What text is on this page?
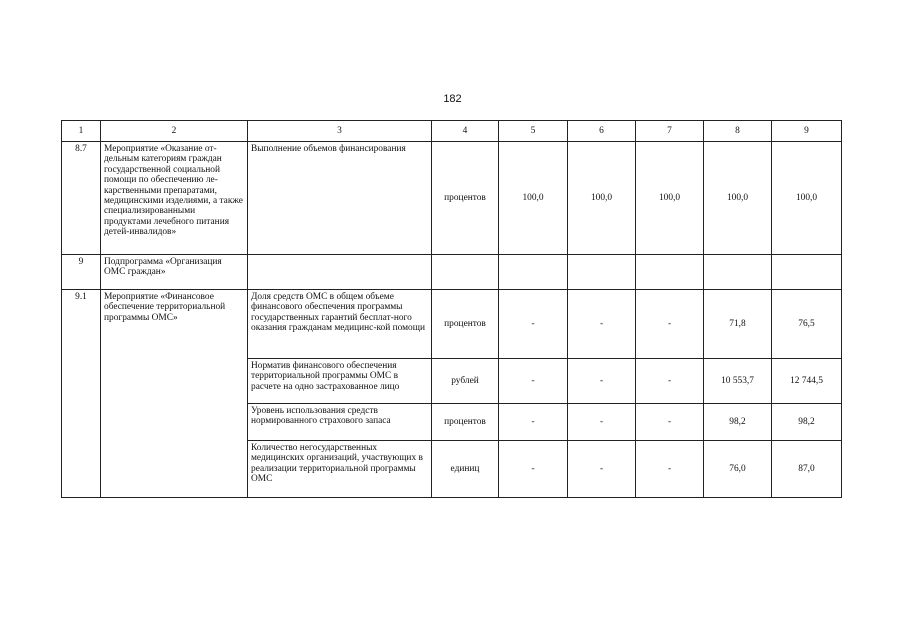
182
1	2	3	4	5	6	7	8	9
8.7	Мероприятие «Оказание от-дельным категориям граждан государственной социальной помощи по обеспечению ле-карственными препаратами, медицинскими изделиями, а также специализированными продуктами лечебного питания детей-инвалидов»	Выполнение объемов финансирования	процентов	100,0	100,0	100,0	100,0	100,0
9	Подпрограмма «Организация ОМС граждан»							
9.1	Мероприятие «Финансовое обеспечение территориальной программы ОМС»	Доля средств ОМС в общем объеме финансового обеспечения программы государственных гарантий бесплат-ного оказания гражданам медицинс-кой помощи	процентов	-	-	-	71,8	76,5
		Норматив финансового обеспечения территориальной программы ОМС в расчете на одно застрахованное лицо	рублей	-	-	-	10 553,7	12 744,5
		Уровень использования средств нормированного страхового запаса	процентов	-	-	-	98,2	98,2
		Количество негосударственных медицинских организаций, участвующих в реализации территориальной программы ОМС	единиц	-	-	-	76,0	87,0
